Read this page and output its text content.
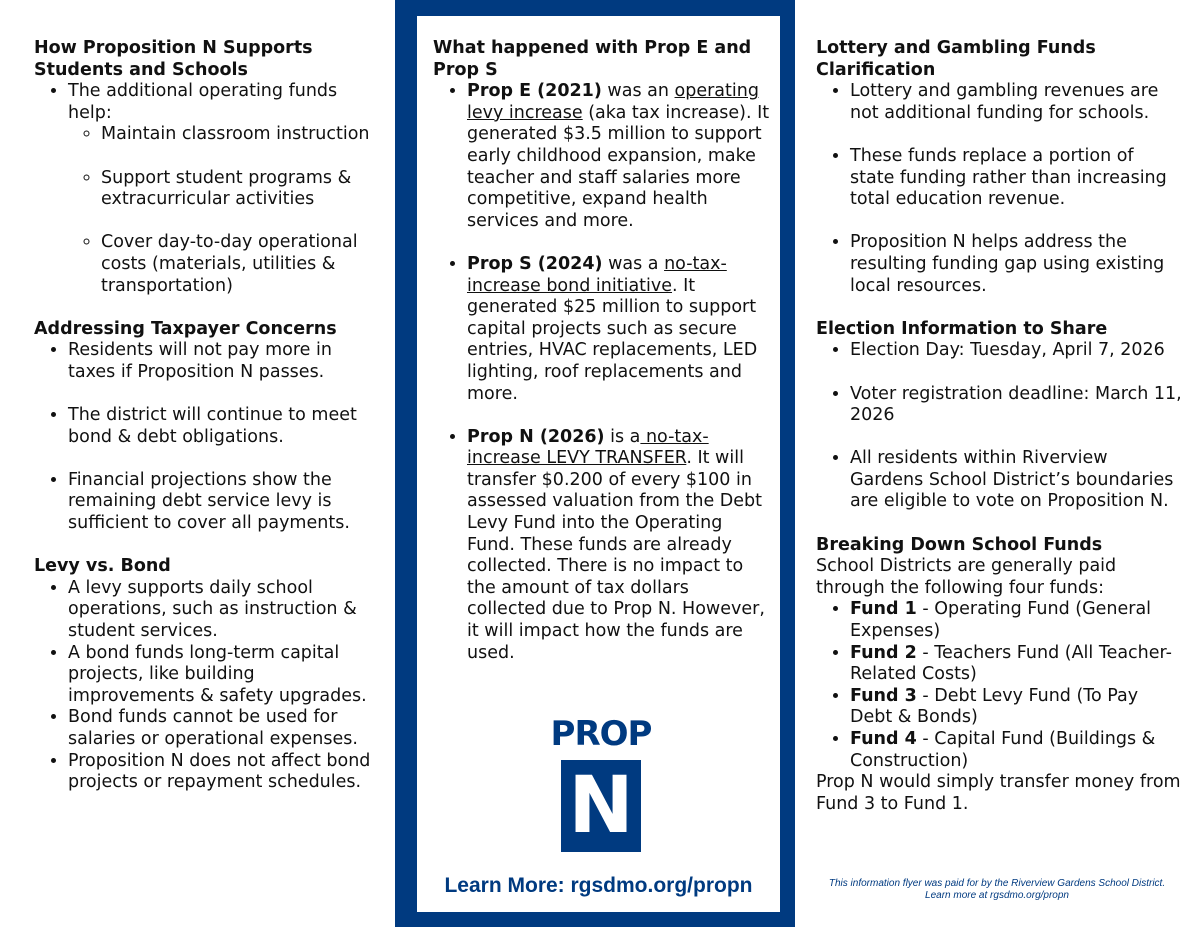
How Proposition N Supports Students and Schools
• The additional operating funds help:
◦ Maintain classroom instruction
◦ Support student programs & extracurricular activities
◦ Cover day-to-day operational costs (materials, utilities & transportation)
Addressing Taxpayer Concerns
• Residents will not pay more in taxes if Proposition N passes.
• The district will continue to meet bond & debt obligations.
• Financial projections show the remaining debt service levy is sufficient to cover all payments.
Levy vs. Bond
• A levy supports daily school operations, such as instruction & student services.
• A bond funds long-term capital projects, like building improvements & safety upgrades.
• Bond funds cannot be used for salaries or operational expenses.
• Proposition N does not affect bond projects or repayment schedules.
What happened with Prop E and Prop S
• Prop E (2021) was an operating levy increase (aka tax increase). It generated $3.5 million to support early childhood expansion, make teacher and staff salaries more competitive, expand health services and more.
• Prop S (2024) was a no-tax-increase bond initiative. It generated $25 million to support capital projects such as secure entries, HVAC replacements, LED lighting, roof replacements and more.
• Prop N (2026) is a no-tax-increase LEVY TRANSFER. It will transfer $0.200 of every $100 in assessed valuation from the Debt Levy Fund into the Operating Fund. These funds are already collected. There is no impact to the amount of tax dollars collected due to Prop N. However, it will impact how the funds are used.
PROP
N
Learn More: rgsdmo.org/propn
Lottery and Gambling Funds Clarification
• Lottery and gambling revenues are not additional funding for schools.
• These funds replace a portion of state funding rather than increasing total education revenue.
• Proposition N helps address the resulting funding gap using existing local resources.
Election Information to Share
• Election Day: Tuesday, April 7, 2026
• Voter registration deadline: March 11, 2026
• All residents within Riverview Gardens School District’s boundaries are eligible to vote on Proposition N.
Breaking Down School Funds

School Districts are generally paid through the following four funds:

• Fund 1 - Operating Fund (General Expenses)
• Fund 2 - Teachers Fund (All Teacher-Related Costs)
• Fund 3 - Debt Levy Fund (To Pay Debt & Bonds)
• Fund 4 - Capital Fund (Buildings & Construction)

Prop N would simply transfer money from Fund 3 to Fund 1.

This information flyer was paid for by the Riverview Gardens School District. Learn more at rgsdmo.org/propn
